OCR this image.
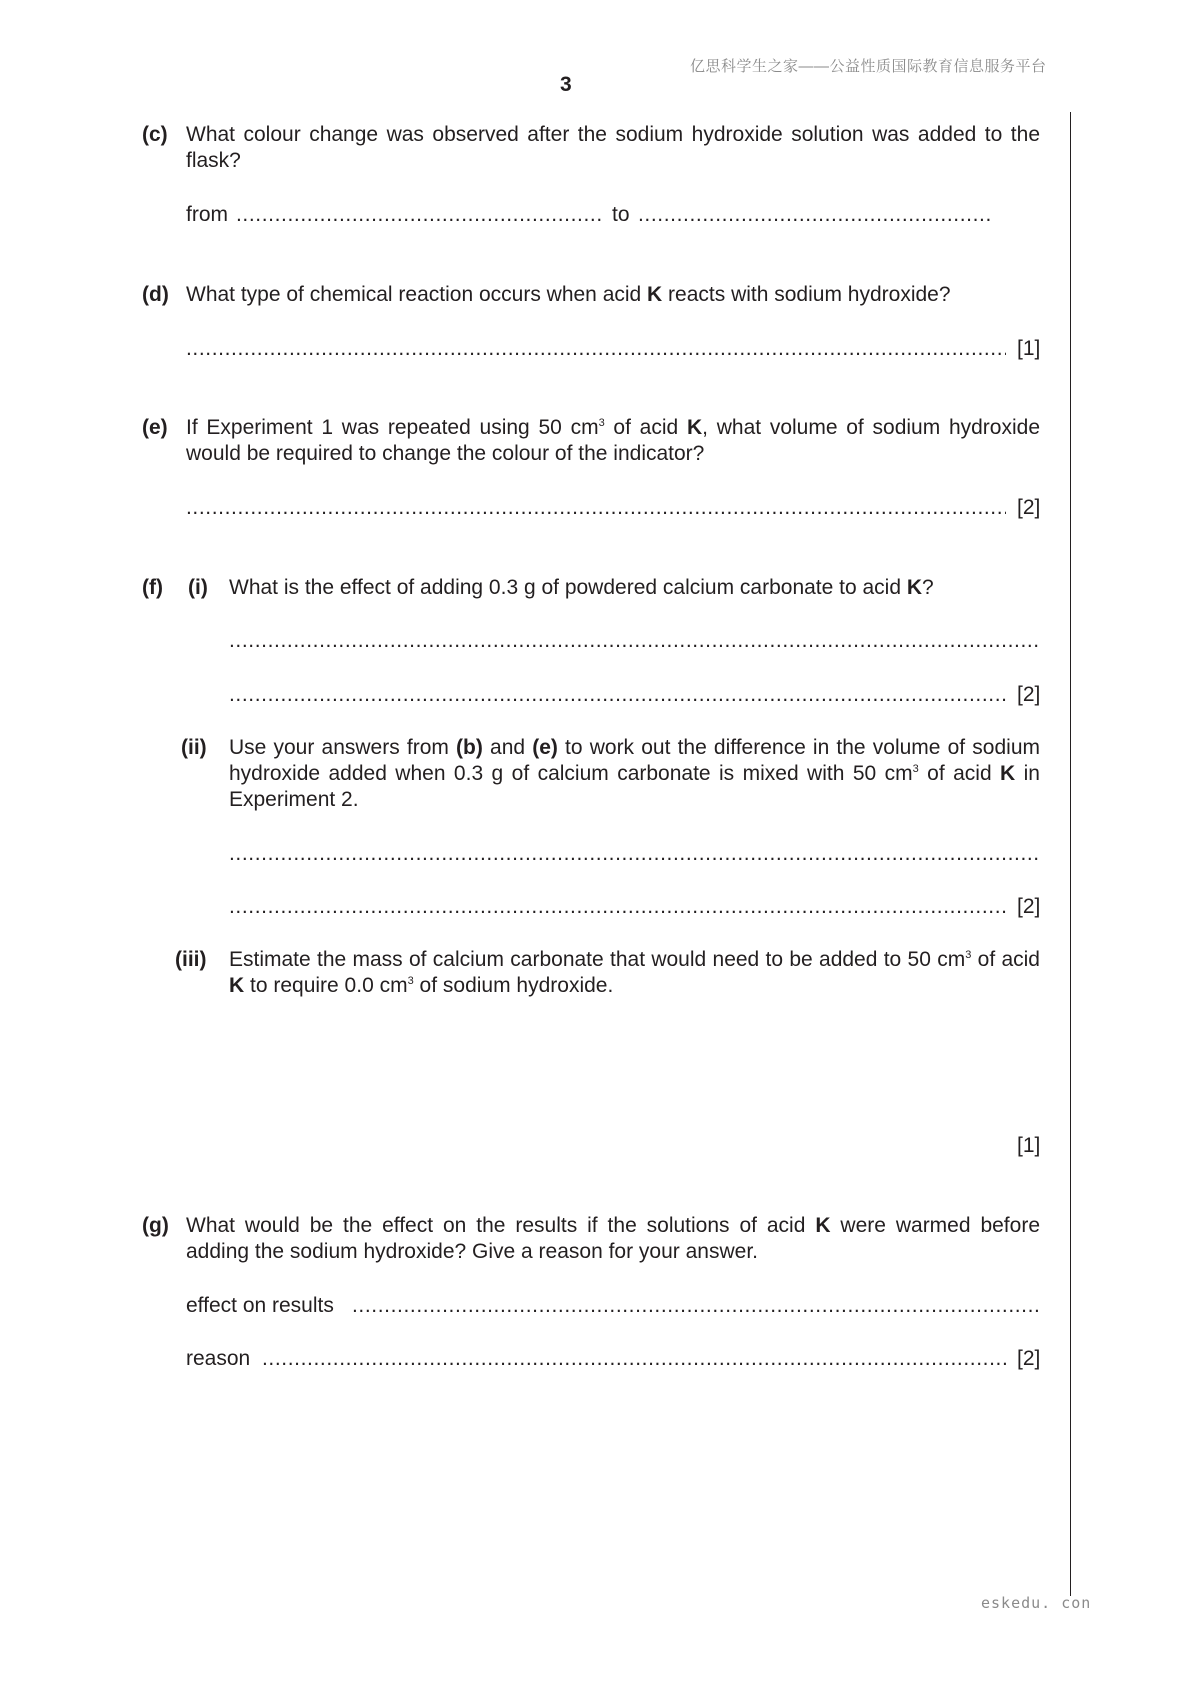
亿思科学生之家——公益性质国际教育信息服务平台
3
eskedu. con
(c) What colour change was observed after the sodium hydroxide solution was added to the flask?
from .....	to
.....
(d) What type of chemical reaction occurs when acid K reacts with sodium hydroxide?
.....
[1]
(e) If Experiment 1 was repeated using 50 $cm^3$ of acid K, what volume of sodium hydroxide would be required to change the colour of the indicator?
.....
[2]
(f) (i) What is the effect of adding 0.3 g of powdered calcium carbonate to acid K?
.....
.....
[2]
(ii) Use your answers from (b) and (e) to work out the difference in the volume of sodium hydroxide added when 0.3 g of calcium carbonate is mixed with 50 $cm^3$ of acid K in Experiment 2.
.....
.....
[2]
(iii) Estimate the mass of calcium carbonate that would need to be added to 50 $cm^3$ of acid K to require 0.0 $cm^3$ of sodium hydroxide.
[1]
(g) What would be the effect on the results if the solutions of acid K were warmed before adding the sodium hydroxide? Give a reason for your answer.
effect on results
.....
reason .....	[2]
